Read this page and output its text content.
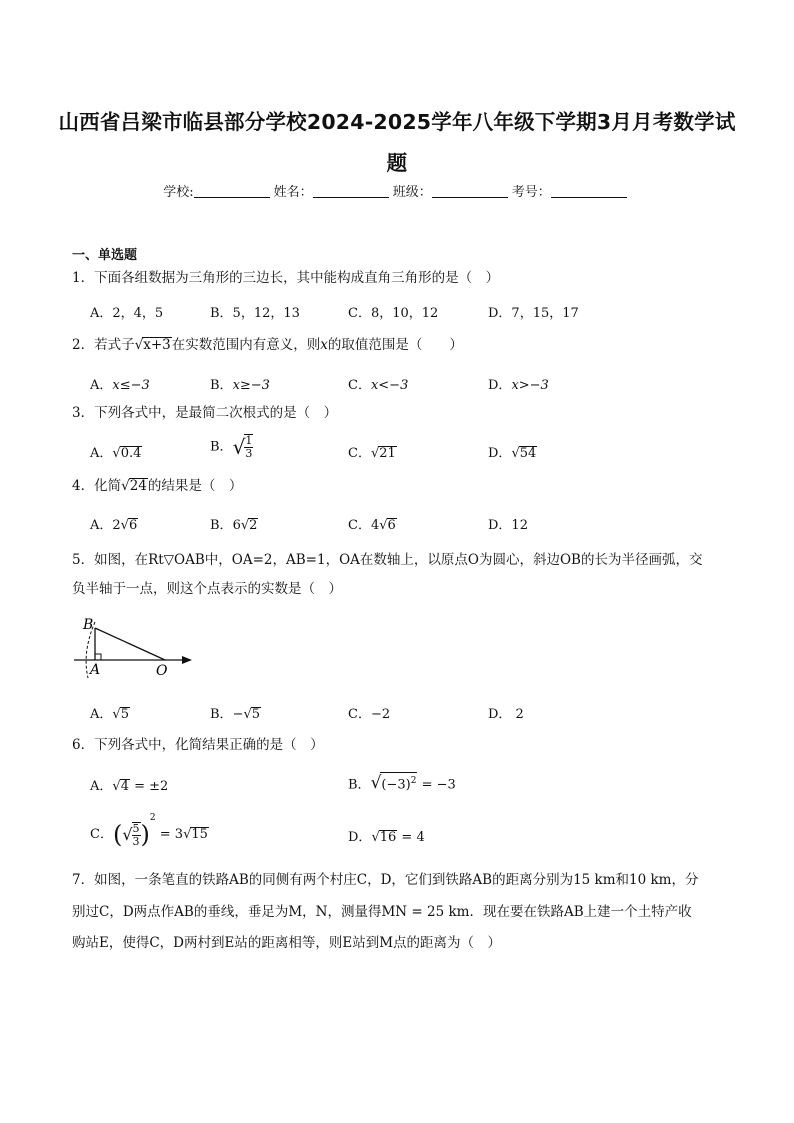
山西省吕梁市临县部分学校2024-2025学年八年级下学期3月月考数学试
题
学校:	姓名：	班级：	考号：
一、单选题
1．下面各组数据为三角形的三边长，其中能构成直角三角形的是（　）
A．2，4，5	B．5，12，13	C．8，10，12	D．7，15，17
2．若式子√x+3在实数范围内有意义，则x的取值范围是（　　）
A．x≤−3	B．x≥−3	C．x<−3	D．x>−3
3．下列各式中，是最简二次根式的是（　）
A．√0.4	B．√ $\frac{1}{3}$	C．√21	D．√54
4．化简√24的结果是（　）
A．2√6	B．6√2	C．4√6	D．12
5．如图，在Rt▽OAB中，OA=2，AB=1，OA在数轴上，以原点O为圆心，斜边OB的长为半径画弧，交
负半轴于一点，则这个点表示的实数是（　）
B
A	O
A．√5	B．−√5	C．−2	D． 2
6．下列各式中，化简结果正确的是（　）
A．√4 = ±2	B．$√(-3)^2 = -3$
C．(√ $\frac{5}{3} )^2 = 3√15$	D．√16 = 4
7．如图，一条笔直的铁路AB的同侧有两个村庄C，D，它们到铁路AB的距离分别为15 km和10 km，分
别过C，D两点作AB的垂线，垂足为M，N，测量得MN = 25 km．现在要在铁路AB上建一个土特产收
购站E，使得C，D两村到E站的距离相等，则E站到M点的距离为（　）
